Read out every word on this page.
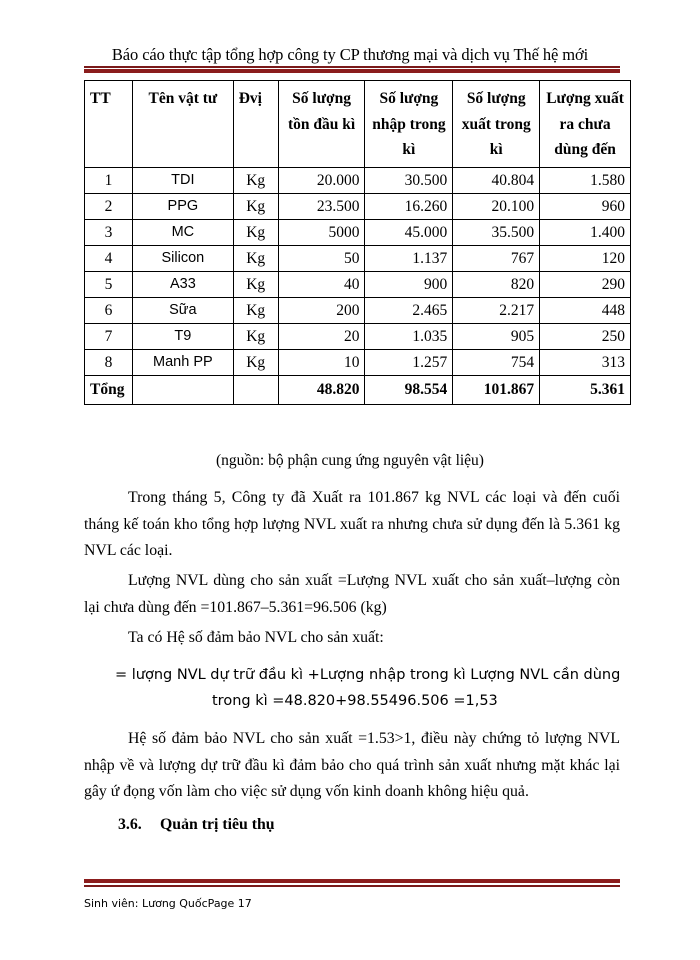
Báo cáo thực tập tổng hợp công ty CP thương mại và dịch vụ Thế hệ mới
TT	Tên vật tư	Đvị	Số lượng tồn đầu kì	Số lượng nhập trong kì	Số lượng xuất trong kì	Lượng xuất ra chưa dùng đến
1	TDI	Kg	20.000	30.500	40.804	1.580
2	PPG	Kg	23.500	16.260	20.100	960
3	MC	Kg	5000	45.000	35.500	1.400
4	Silicon	Kg	50	1.137	767	120
5	A33	Kg	40	900	820	290
6	Sữa	Kg	200	2.465	2.217	448
7	T9	Kg	20	1.035	905	250
8	Manh PP	Kg	10	1.257	754	313
Tổng			48.820	98.554	101.867	5.361
(nguồn: bộ phận cung ứng nguyên vật liệu)
Trong tháng 5, Công ty đã Xuất ra 101.867 kg NVL các loại và đến cuối tháng kế toán kho tổng hợp lượng NVL xuất ra nhưng chưa sử dụng đến là 5.361 kg NVL các loại.
Lượng NVL dùng cho sản xuất =Lượng NVL xuất cho sản xuất–lượng còn lại chưa dùng đến =101.867–5.361=96.506 (kg)
Ta có Hệ số đảm bảo NVL cho sản xuất:
= lượng NVL dự trữ đầu kì +Lượng nhập trong kì Lượng NVL cần dùng
trong kì =48.820+98.55496.506 =1,53
Hệ số đảm bảo NVL cho sản xuất =1.53>1, điều này chứng tỏ lượng NVL nhập về và lượng dự trữ đầu kì đảm bảo cho quá trình sản xuất nhưng mặt khác lại gây ứ đọng vốn làm cho việc sử dụng vốn kinh doanh không hiệu quả.
3.6. Quản trị tiêu thụ
Sinh viên: Lương QuốcPage 17
